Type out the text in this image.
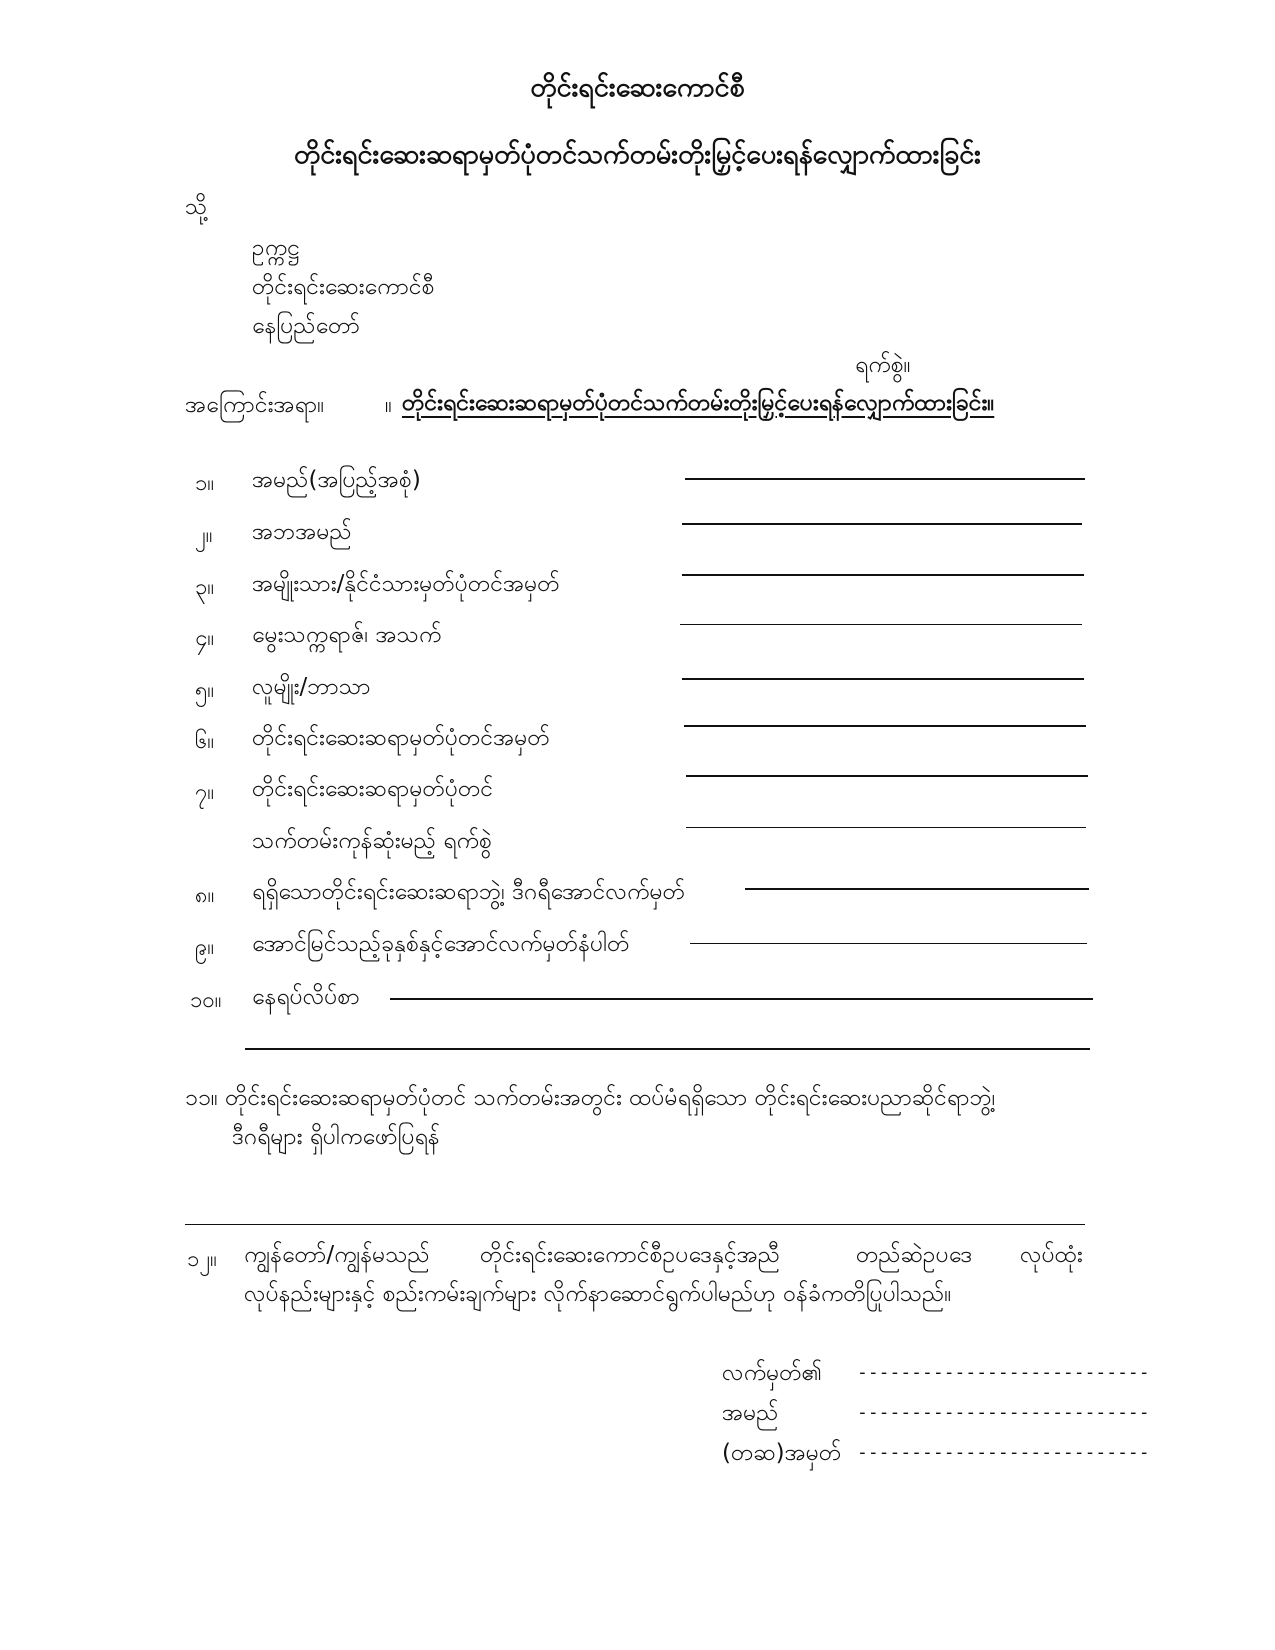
တိုင်းရင်းဆေးကောင်စီ
တိုင်းရင်းဆေးဆရာမှတ်ပုံတင်သက်တမ်းတိုးမြှင့်ပေးရန်လျှောက်ထားခြင်း
သို့
ဥက္ကဋ္ဌ
တိုင်းရင်းဆေးကောင်စီ
နေပြည်တော်
ရက်စွဲ။
အကြောင်းအရာ။	။ တိုင်းရင်းဆေးဆရာမှတ်ပုံတင်သက်တမ်းတိုးမြှင့်ပေးရန်လျှောက်ထားခြင်း။
၁။ အမည်(အပြည့်အစုံ)
၂။ အဘအမည်
၃။ အမျိုးသား/နိုင်ငံသားမှတ်ပုံတင်အမှတ်
၄။ မွေးသက္ကရာဇ်၊ အသက်
၅။ လူမျိုး/ဘာသာ
၆။ တိုင်းရင်းဆေးဆရာမှတ်ပုံတင်အမှတ်
၇။ တိုင်းရင်းဆေးဆရာမှတ်ပုံတင်
သက်တမ်းကုန်ဆုံးမည့် ရက်စွဲ
၈။ ရရှိသောတိုင်းရင်းဆေးဆရာဘွဲ့၊ ဒီဂရီအောင်လက်မှတ်
၉။ အောင်မြင်သည့်ခုနှစ်နှင့်အောင်လက်မှတ်နံပါတ်
၁၀။ နေရပ်လိပ်စာ
၁၁။ တိုင်းရင်းဆေးဆရာမှတ်ပုံတင် သက်တမ်းအတွင်း ထပ်မံရရှိသော တိုင်းရင်းဆေးပညာဆိုင်ရာဘွဲ့၊
ဒီဂရီများ ရှိပါကဖော်ပြရန်
၁၂။ ကျွန်တော်/ကျွန်မသည် တိုင်းရင်းဆေးကောင်စီဥပဒေနှင့်အညီ	တည်ဆဲဥပဒေ လုပ်ထုံး
လုပ်နည်းများနှင့် စည်းကမ်းချက်များ လိုက်နာဆောင်ရွက်ပါမည်ဟု ဝန်ခံကတိပြုပါသည်။
လက်မှတ်၏ ---------------------------
အမည်	---------------------------
(တဆ)အမှတ် ---------------------------
